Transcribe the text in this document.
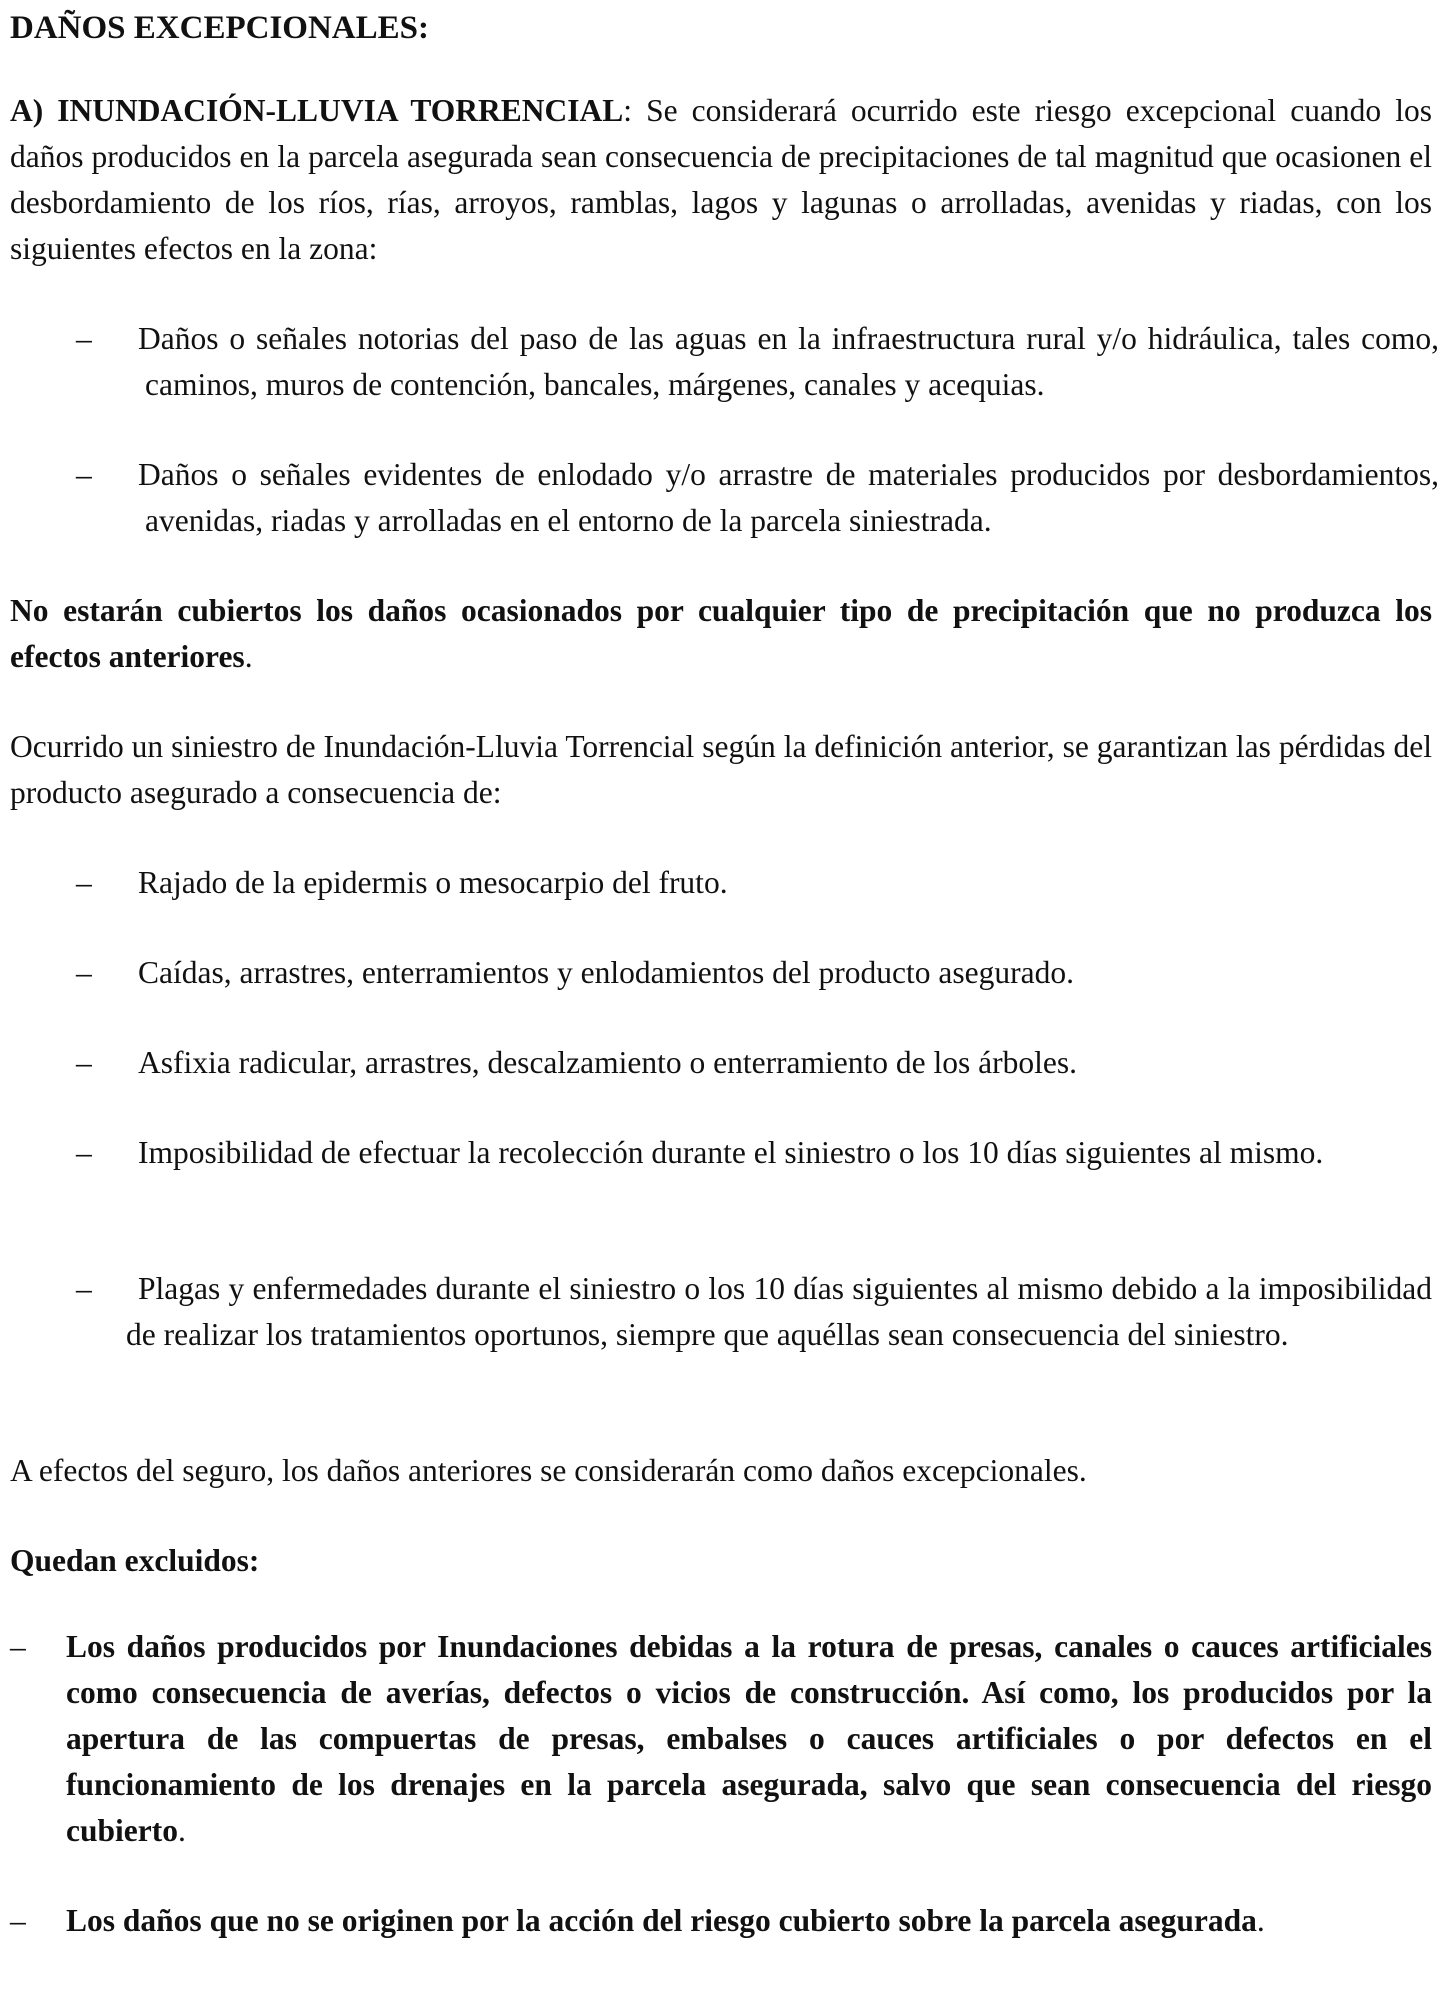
DAÑOS EXCEPCIONALES:
A) INUNDACIÓN-LLUVIA TORRENCIAL: Se considerará ocurrido este riesgo excepcional cuando los daños producidos en la parcela asegurada sean consecuencia de precipitaciones de tal magnitud que ocasionen el desbordamiento de los ríos, rías, arroyos, ramblas, lagos y lagunas o arrolladas, avenidas y riadas, con los siguientes efectos en la zona:
– Daños o señales notorias del paso de las aguas en la infraestructura rural y/o hidráulica, tales como, caminos, muros de contención, bancales, márgenes, canales y acequias.
– Daños o señales evidentes de enlodado y/o arrastre de materiales producidos por desbordamientos, avenidas, riadas y arrolladas en el entorno de la parcela siniestrada.
No estarán cubiertos los daños ocasionados por cualquier tipo de precipitación que no produzca los efectos anteriores.
Ocurrido un siniestro de Inundación-Lluvia Torrencial según la definición anterior, se garantizan las pérdidas del producto asegurado a consecuencia de:
– Rajado de la epidermis o mesocarpio del fruto.
– Caídas, arrastres, enterramientos y enlodamientos del producto asegurado.
– Asfixia radicular, arrastres, descalzamiento o enterramiento de los árboles.
–	Imposibilidad de efectuar la recolección durante el siniestro o los 10 días siguientes al mismo.
–	Plagas y enfermedades durante el siniestro o los 10 días siguientes al mismo debido a la imposibilidad de realizar los tratamientos oportunos, siempre que aquéllas sean consecuencia del siniestro.
A efectos del seguro, los daños anteriores se considerarán como daños excepcionales.
Quedan excluidos:
– Los daños producidos por Inundaciones debidas a la rotura de presas, canales o cauces artificiales como consecuencia de averías, defectos o vicios de construcción. Así como, los producidos por la apertura de las compuertas de presas, embalses o cauces artificiales o por defectos en el funcionamiento de los drenajes en la parcela asegurada, salvo que sean consecuencia del riesgo cubierto.
– Los daños que no se originen por la acción del riesgo cubierto sobre la parcela asegurada.
